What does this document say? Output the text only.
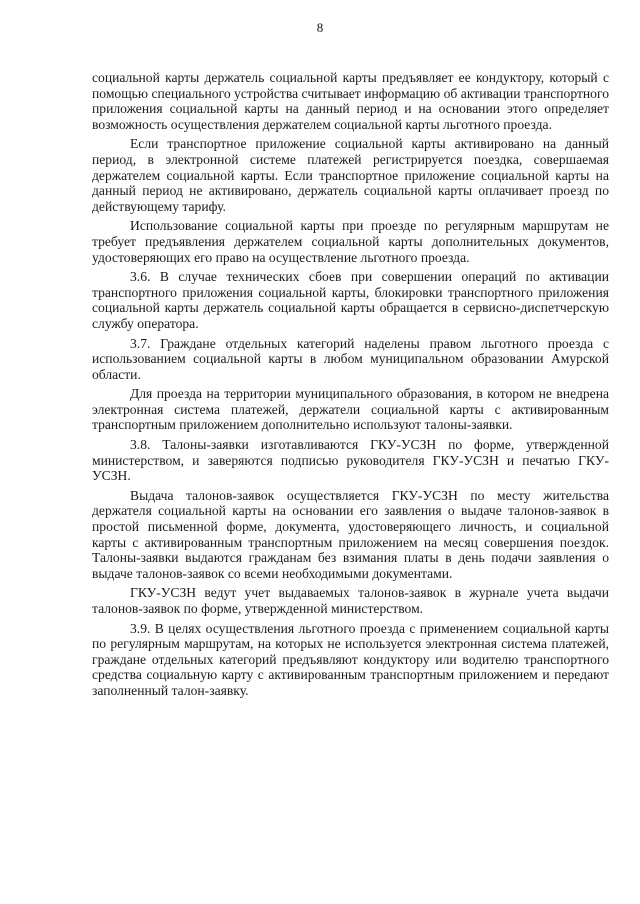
8

социальной карты держатель социальной карты предъявляет ее кондуктору, который с помощью специального устройства считывает информацию об активации транспортного приложения социальной карты на данный период и на основании этого определяет возможность осуществления держателем социальной карты льготного проезда.

Если транспортное приложение социальной карты активировано на данный период, в электронной системе платежей регистрируется поездка, совершаемая держателем социальной карты. Если транспортное приложение социальной карты на данный период не активировано, держатель социальной карты оплачивает проезд по действующему тарифу.

Использование социальной карты при проезде по регулярным маршрутам не требует предъявления держателем социальной карты дополнительных документов, удостоверяющих его право на осуществление льготного проезда.

3.6. В случае технических сбоев при совершении операций по активации транспортного приложения социальной карты, блокировки транспортного приложения социальной карты держатель социальной карты обращается в сервисно-диспетчерскую службу оператора.

3.7. Граждане отдельных категорий наделены правом льготного проезда с использованием социальной карты в любом муниципальном образовании Амурской области.

Для проезда на территории муниципального образования, в котором не внедрена электронная система платежей, держатели социальной карты с активированным транспортным приложением дополнительно используют талоны-заявки.

3.8. Талоны-заявки изготавливаются ГКУ-УСЗН по форме, утвержденной министерством, и заверяются подписью руководителя ГКУ-УСЗН и печатью ГКУ-УСЗН.

Выдача талонов-заявок осуществляется ГКУ-УСЗН по месту жительства держателя социальной карты на основании его заявления о выдаче талонов-заявок в простой письменной форме, документа, удостоверяющего личность, и социальной карты с активированным транспортным приложением на месяц совершения поездок. Талоны-заявки выдаются гражданам без взимания платы в день подачи заявления о выдаче талонов-заявок со всеми необходимыми документами.

ГКУ-УСЗН ведут учет выдаваемых талонов-заявок в журнале учета выдачи талонов-заявок по форме, утвержденной министерством.

3.9. В целях осуществления льготного проезда с применением социальной карты по регулярным маршрутам, на которых не используется электронная система платежей, граждане отдельных категорий предъявляют кондуктору или водителю транспортного средства социальную карту с активированным транспортным приложением и передают заполненный талон-заявку.
